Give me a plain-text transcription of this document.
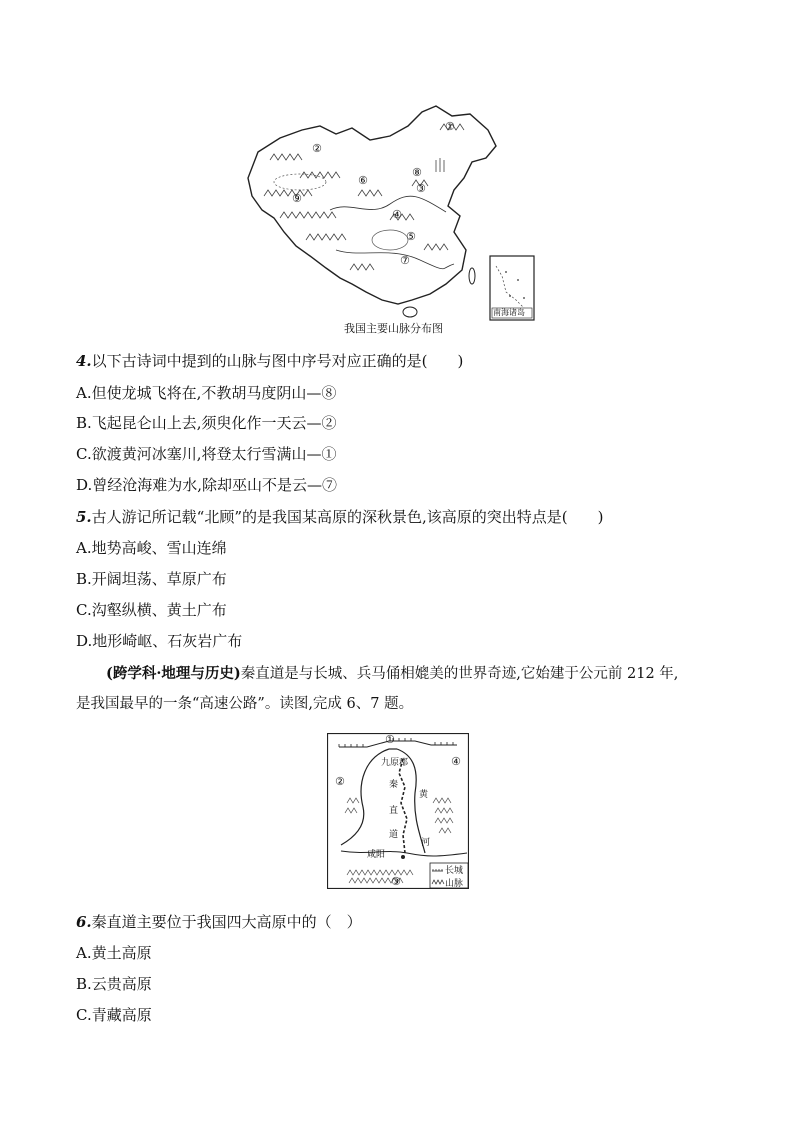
南海诸岛
①
②
③
④
⑤
⑥
⑦
⑧
⑨
我国主要山脉分布图
4.以下古诗词中提到的山脉与图中序号对应正确的是(　　)
A.但使龙城飞将在,不教胡马度阴山—⑧
B.飞起昆仑山上去,须臾化作一天云—②
C.欲渡黄河冰塞川,将登太行雪满山—①
D.曾经沧海难为水,除却巫山不是云—⑦
5.古人游记所记载“北顾”的是我国某高原的深秋景色,该高原的突出特点是(　　)
A.地势高峻、雪山连绵
B.开阔坦荡、草原广布
C.沟壑纵横、黄土广布
D.地形崎岖、石灰岩广布
(跨学科·地理与历史)秦直道是与长城、兵马俑相媲美的世界奇迹,它始建于公元前 212 年,
是我国最早的一条“高速公路”。读图,完成 6、7 题。
①
②
③
④
九原郡
秦
直
道
咸阳
黄
河
长城
山脉
6.秦直道主要位于我国四大高原中的（　）
A.黄土高原
B.云贵高原
C.青藏高原
